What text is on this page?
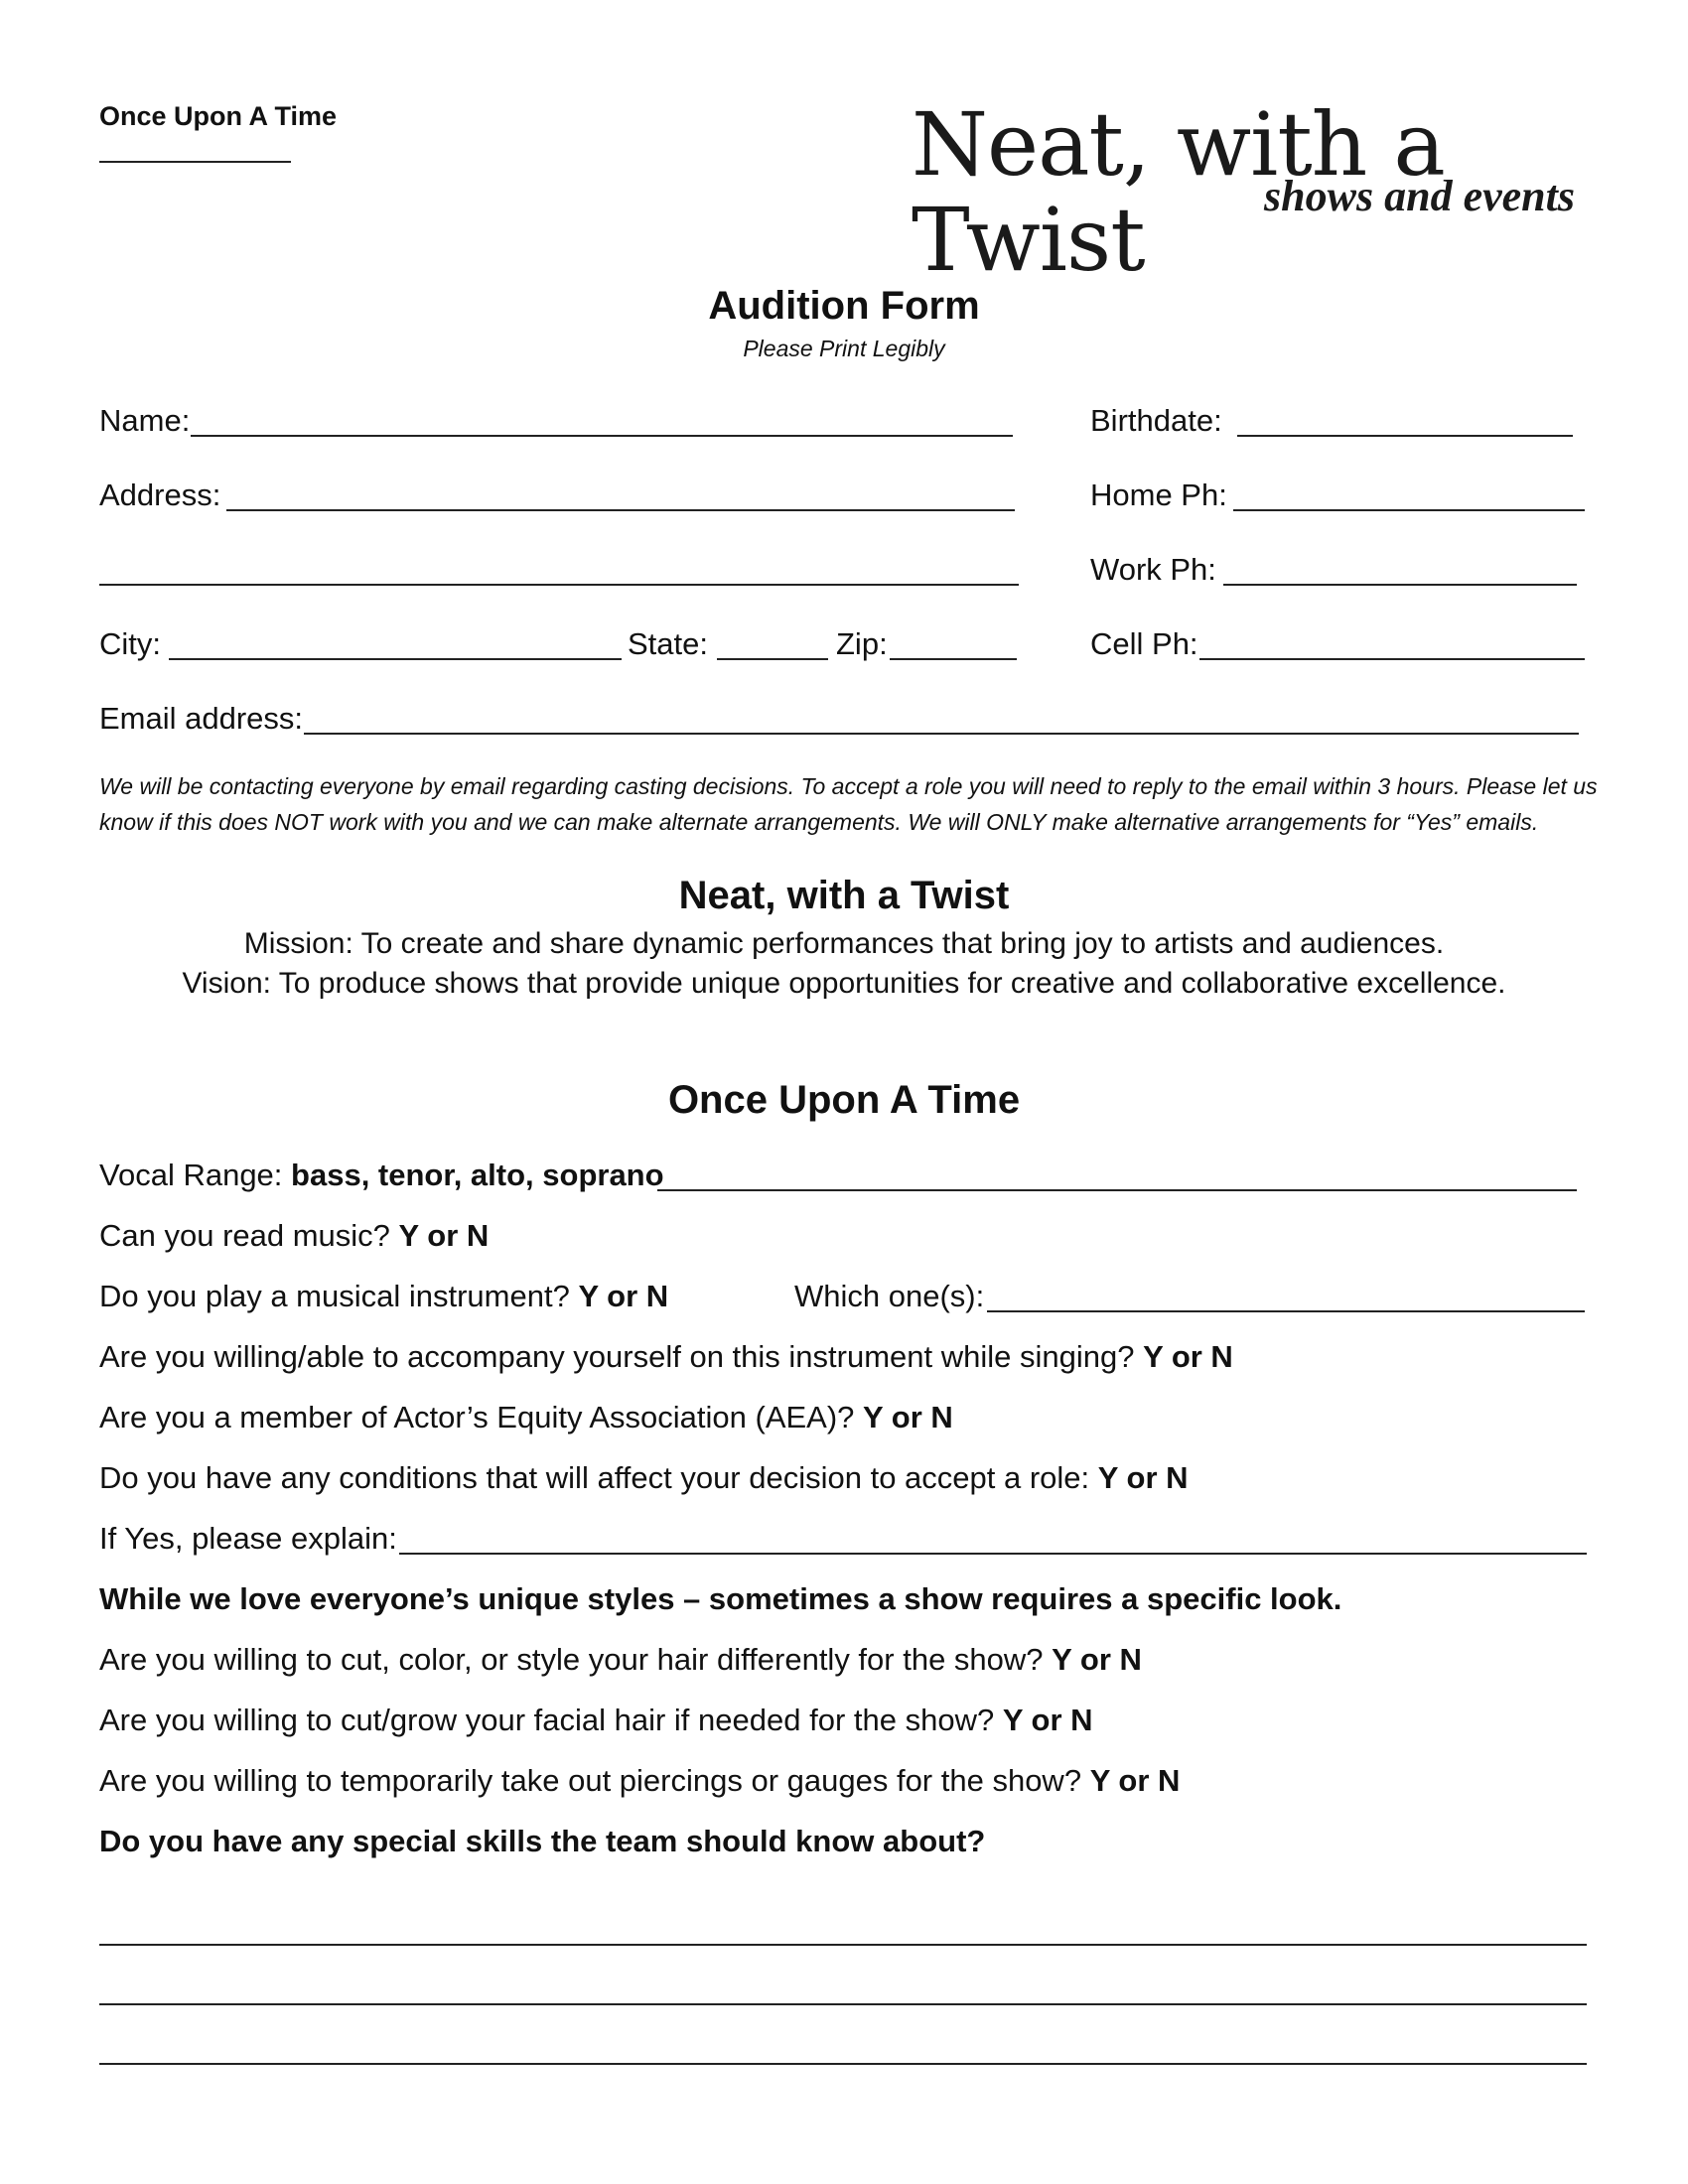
Once Upon A Time	Neat, with a Twist	shows and events
Audition Form
Please Print Legibly
Name:	Birthdate:
Address:	Home Ph:
Work Ph:
City:	State:	Zip:	Cell Ph:
Email address:
We will be contacting everyone by email regarding casting decisions. To accept a role you will need to reply to the email within 3 hours. Please let us know if this does NOT work with you and we can make alternate arrangements. We will ONLY make alternative arrangements for “Yes” emails.
Neat, with a Twist
Mission: To create and share dynamic performances that bring joy to artists and audiences.
Vision: To produce shows that provide unique opportunities for creative and collaborative excellence.
Once Upon A Time
Vocal Range: bass, tenor, alto, soprano
Can you read music? Y or N
Do you play a musical instrument? Y or N	Which one(s):
Are you willing/able to accompany yourself on this instrument while singing? Y or N
Are you a member of Actor’s Equity Association (AEA)? Y or N
Do you have any conditions that will affect your decision to accept a role: Y or N
If Yes, please explain:
While we love everyone’s unique styles – sometimes a show requires a specific look.
Are you willing to cut, color, or style your hair differently for the show? Y or N
Are you willing to cut/grow your facial hair if needed for the show? Y or N
Are you willing to temporarily take out piercings or gauges for the show? Y or N
Do you have any special skills the team should know about?
